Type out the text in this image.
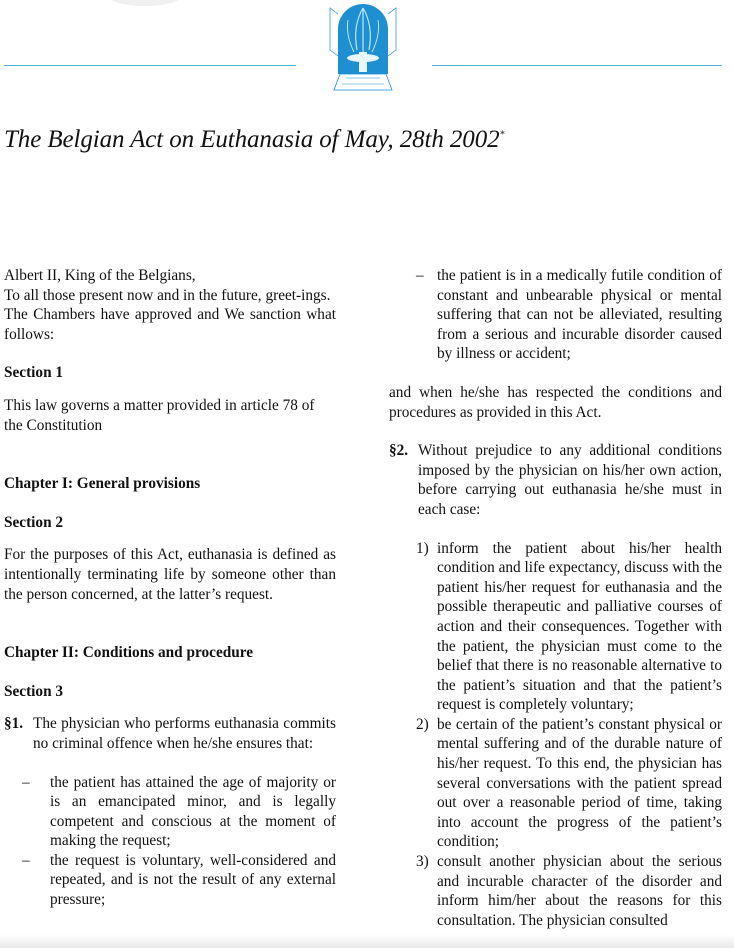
The Belgian Act on Euthanasia of May, 28th 2002*

Albert II, King of the Belgians,

To all those present now and in the future, greet-ings.

The Chambers have approved and We sanction what follows:

Section 1

This law governs a matter provided in article 78 of the Constitution

Chapter I: General provisions

Section 2

For the purposes of this Act, euthanasia is defined as intentionally terminating life by someone other than the person concerned, at the latter’s request.

Chapter II: Conditions and procedure

Section 3

§1. The physician who performs euthanasia commits no criminal offence when he/she ensures that:
–	the patient has attained the age of majority or is an emancipated minor, and is legally competent and conscious at the moment of making the request;
–	the request is voluntary, well-considered and repeated, and is not the result of any external pressure;
– the patient is in a medically futile condition of constant and unbearable physical or mental suffering that can not be alleviated, resulting from a serious and incurable disorder caused by illness or accident;

and when he/she has respected the conditions and procedures as provided in this Act.

§2. Without prejudice to any additional conditions imposed by the physician on his/her own action, before carrying out euthanasia he/she must in each case:
1) inform the patient about his/her health condition and life expectancy, discuss with the patient his/her request for euthanasia and the possible therapeutic and palliative courses of action and their consequences. Together with the patient, the physician must come to the belief that there is no reasonable alternative to the patient’s situation and that the patient’s request is completely voluntary;
2) be certain of the patient’s constant physical or mental suffering and of the durable nature of his/her request. To this end, the physician has several conversations with the patient spread out over a reasonable period of time, taking into account the progress of the patient’s condition;
3) consult another physician about the serious and incurable character of the disorder and inform him/her about the reasons for this consultation. The physician consulted
